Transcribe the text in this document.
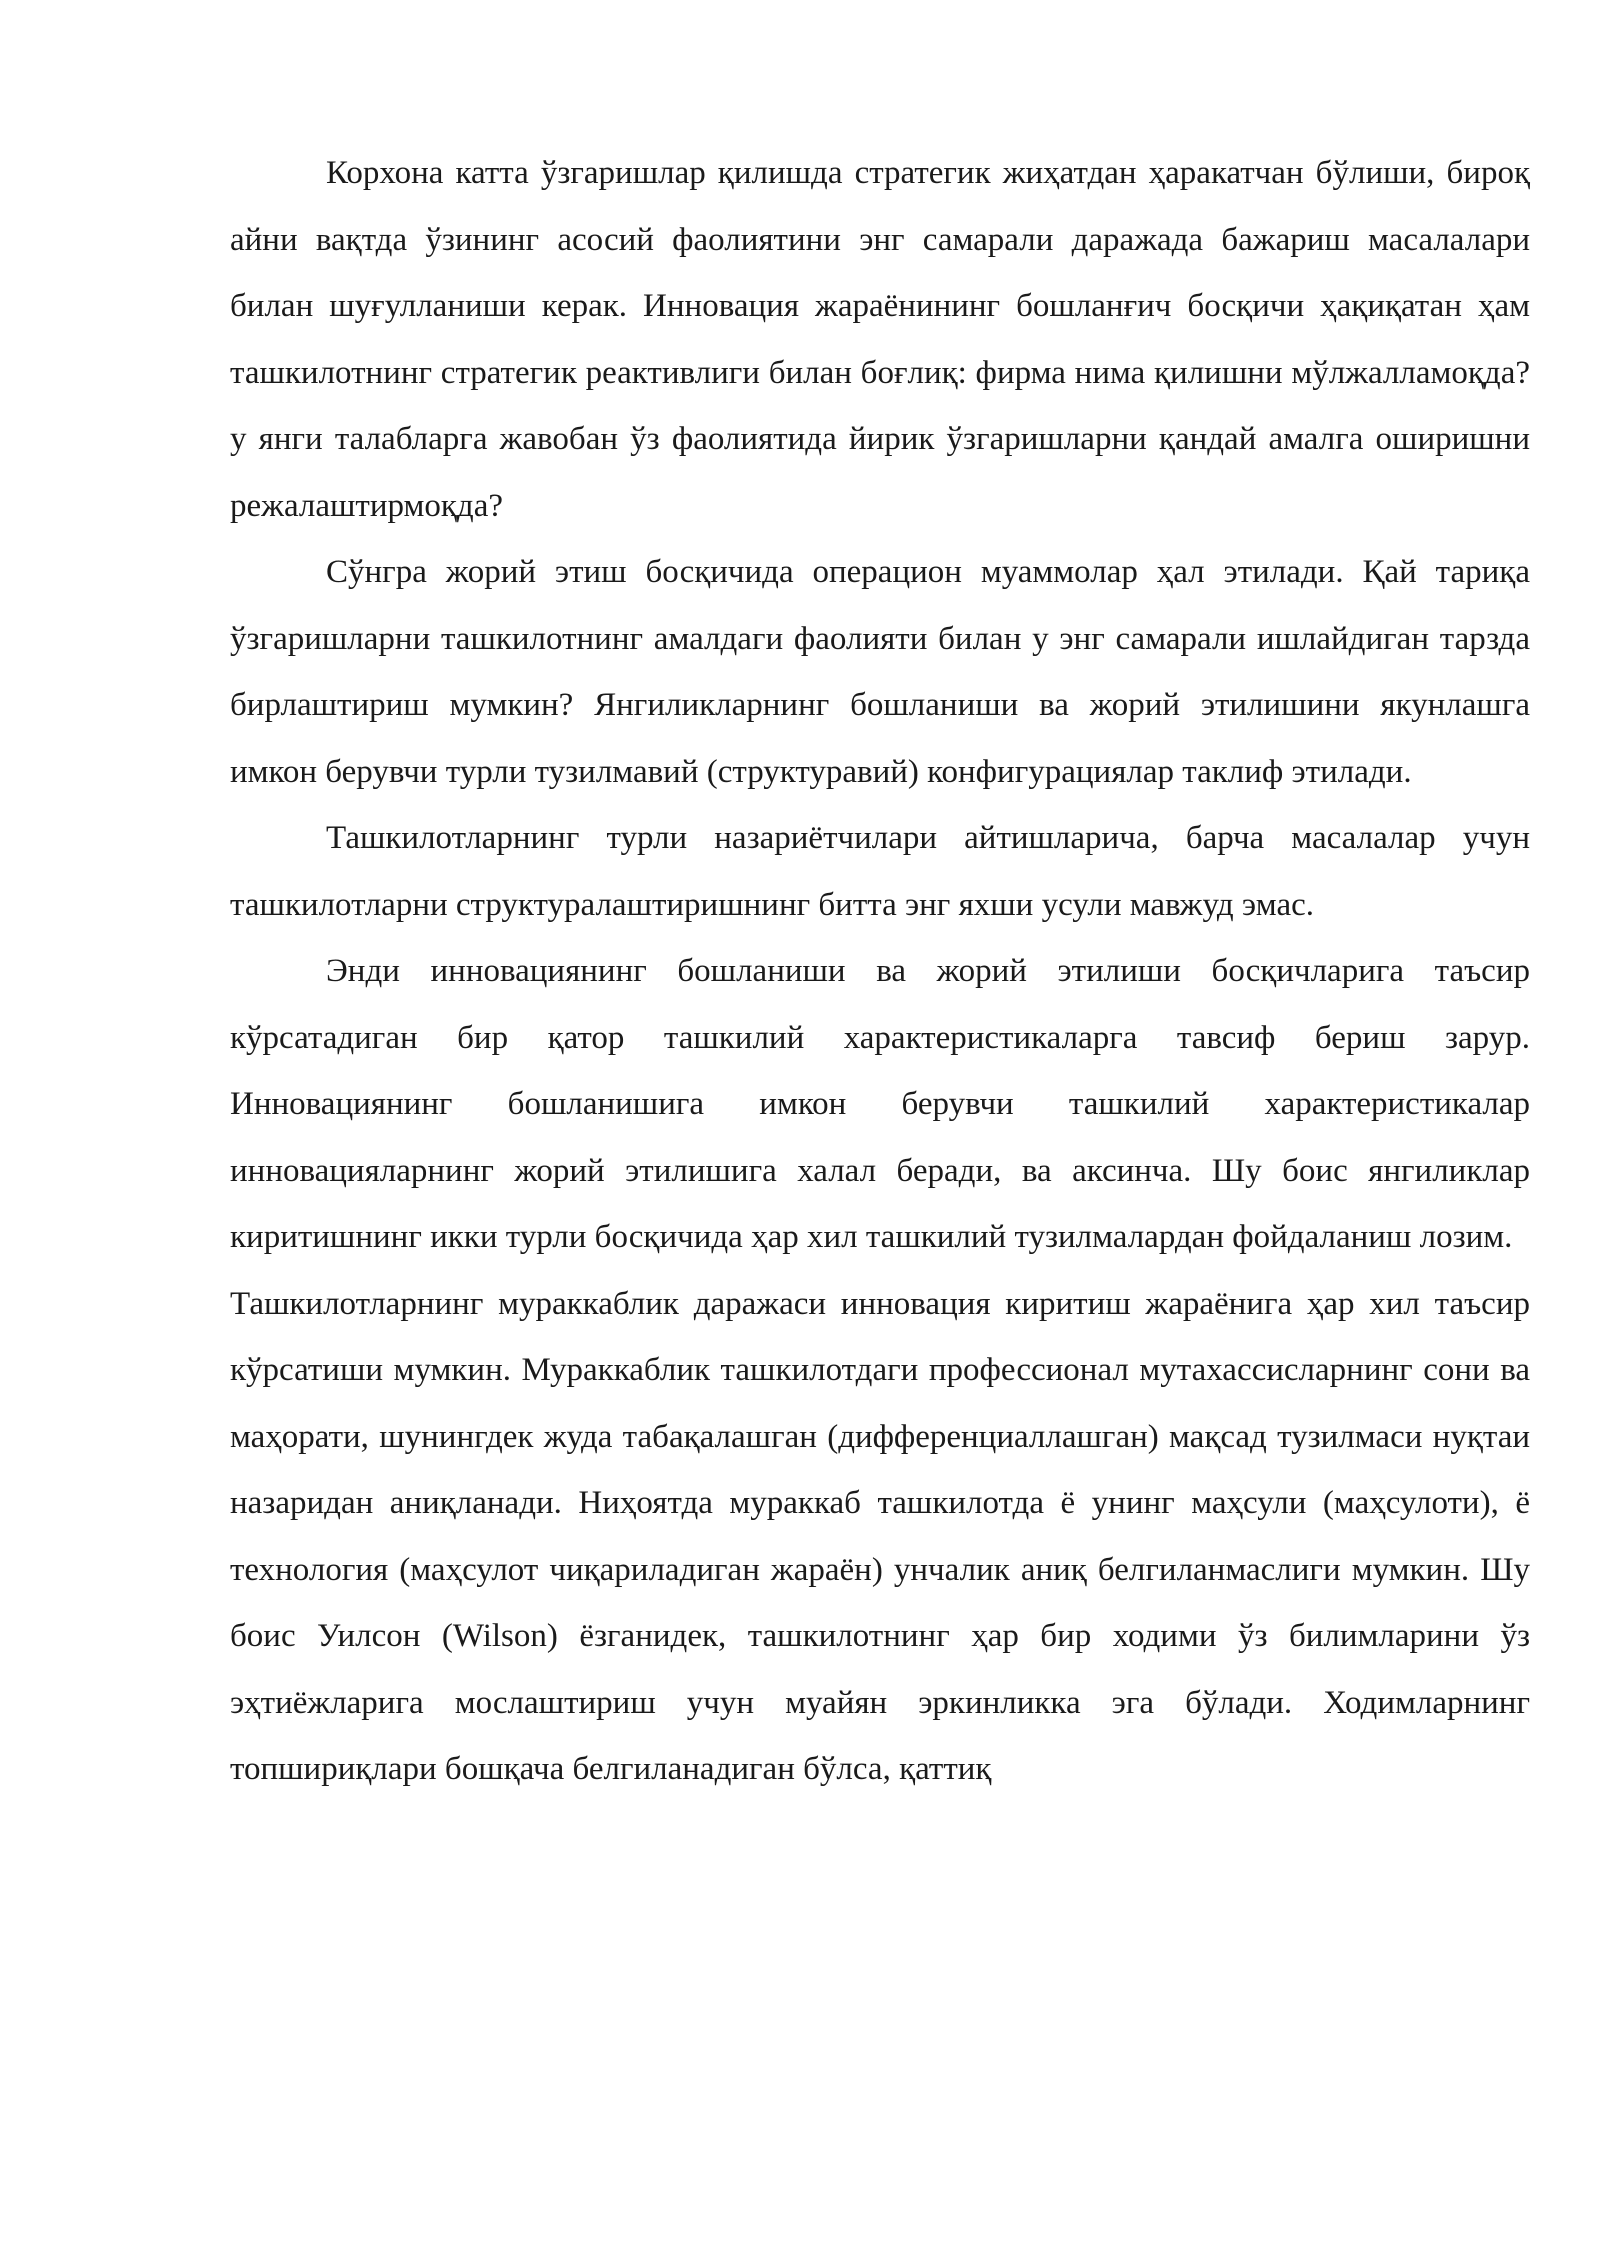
Корхона катта ўзгаришлар қилишда стратегик жиҳатдан ҳаракатчан бўлиши, бироқ айни вақтда ўзининг асосий фаолиятини энг самарали даражада бажариш масалалари билан шуғулланиши керак. Инновация жараёнининг бошланғич босқичи ҳақиқатан ҳам ташкилотнинг стратегик реактивлиги билан боғлиқ: фирма нима қилишни мўлжалламоқда? у янги талабларга жавобан ўз фаолиятида йирик ўзгаришларни қандай амалга оширишни режалаштирмоқда?

Сўнгра жорий этиш босқичида операцион муаммолар ҳал этилади. Қай тариқа ўзгаришларни ташкилотнинг амалдаги фаолияти билан у энг самарали ишлайдиган тарзда бирлаштириш мумкин? Янгиликларнинг бошланиши ва жорий этилишини якунлашга имкон берувчи турли тузилмавий (структуравий) конфигурациялар таклиф этилади.

Ташкилотларнинг турли назариётчилари айтишларича, барча масалалар учун ташкилотларни структуралаштиришнинг битта энг яхши усули мавжуд эмас.

Энди инновациянинг бошланиши ва жорий этилиши босқичларига таъсир кўрсатадиган бир қатор ташкилий характеристикаларга тавсиф бериш зарур. Инновациянинг бошланишига имкон берувчи ташкилий характеристикалар инновацияларнинг жорий этилишига халал беради, ва аксинча. Шу боис янгиликлар киритишнинг икки турли босқичида ҳар хил ташкилий тузилмалардан фойдаланиш лозим.

Ташкилотларнинг мураккаблик даражаси инновация киритиш жараёнига ҳар хил таъсир кўрсатиши мумкин. Мураккаблик ташкилотдаги профессионал мутахассисларнинг сони ва маҳорати, шунингдек жуда табақалашган (дифференциаллашган) мақсад тузилмаси нуқтаи назаридан аниқланади. Ниҳоятда мураккаб ташкилотда ё унинг маҳсули (маҳсулоти), ё технология (маҳсулот чиқариладиган жараён) унчалик аниқ белгиланмаслиги мумкин. Шу боис Уилсон (Wilson) ёзганидек, ташкилотнинг ҳар бир ходими ўз билимларини ўз эҳтиёжларига мослаштириш учун муайян эркинликка эга бўлади. Ходимларнинг топшириқлари бошқача белгиланадиган бўлса, қаттиқ
